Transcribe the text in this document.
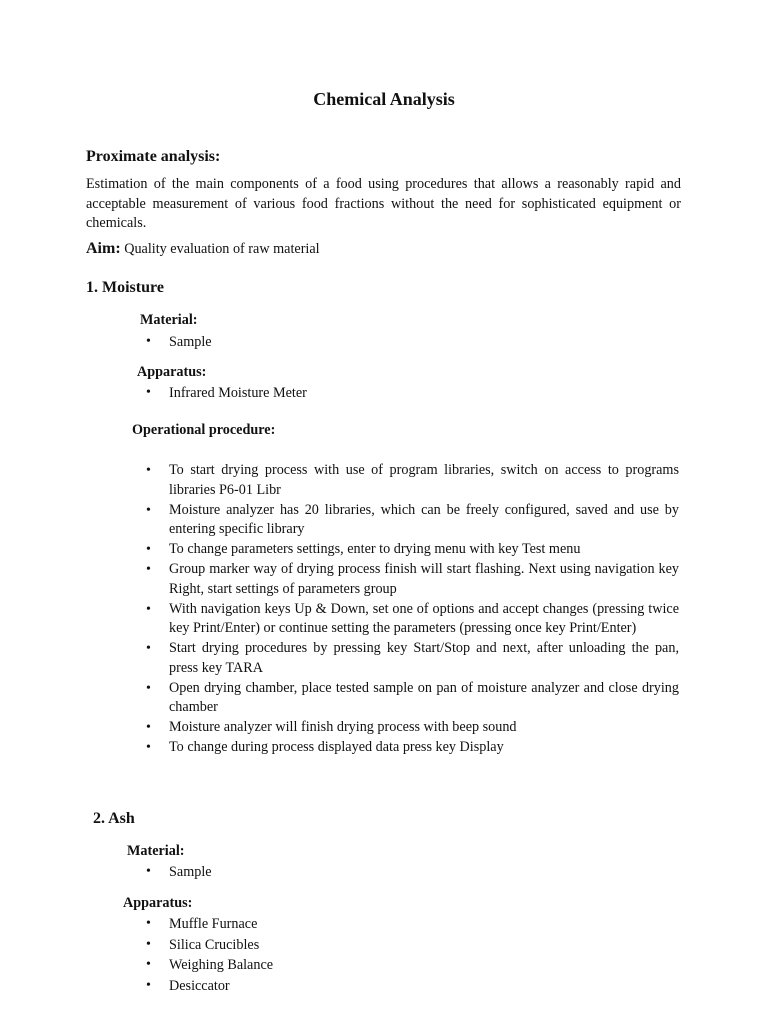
Chemical Analysis
Proximate analysis:
Estimation of the main components of a food using procedures that allows a reasonably rapid and acceptable measurement of various food fractions without the need for sophisticated equipment or chemicals.
Aim: Quality evaluation of raw material
1. Moisture
Material:
• Sample
Apparatus:
• Infrared Moisture Meter
Operational procedure:
• To start drying process with use of program libraries, switch on access to programs libraries P6-01 Libr
• Moisture analyzer has 20 libraries, which can be freely configured, saved and use by entering specific library
• To change parameters settings, enter to drying menu with key Test menu
• Group marker way of drying process finish will start flashing. Next using navigation key Right, start settings of parameters group
• With navigation keys Up & Down, set one of options and accept changes (pressing twice key Print/Enter) or continue setting the parameters (pressing once key Print/Enter)
• Start drying procedures by pressing key Start/Stop and next, after unloading the pan, press key TARA
• Open drying chamber, place tested sample on pan of moisture analyzer and close drying chamber
• Moisture analyzer will finish drying process with beep sound
• To change during process displayed data press key Display
2. Ash
Material:
• Sample
Apparatus:
• Muffle Furnace
• Silica Crucibles
• Weighing Balance
• Desiccator
